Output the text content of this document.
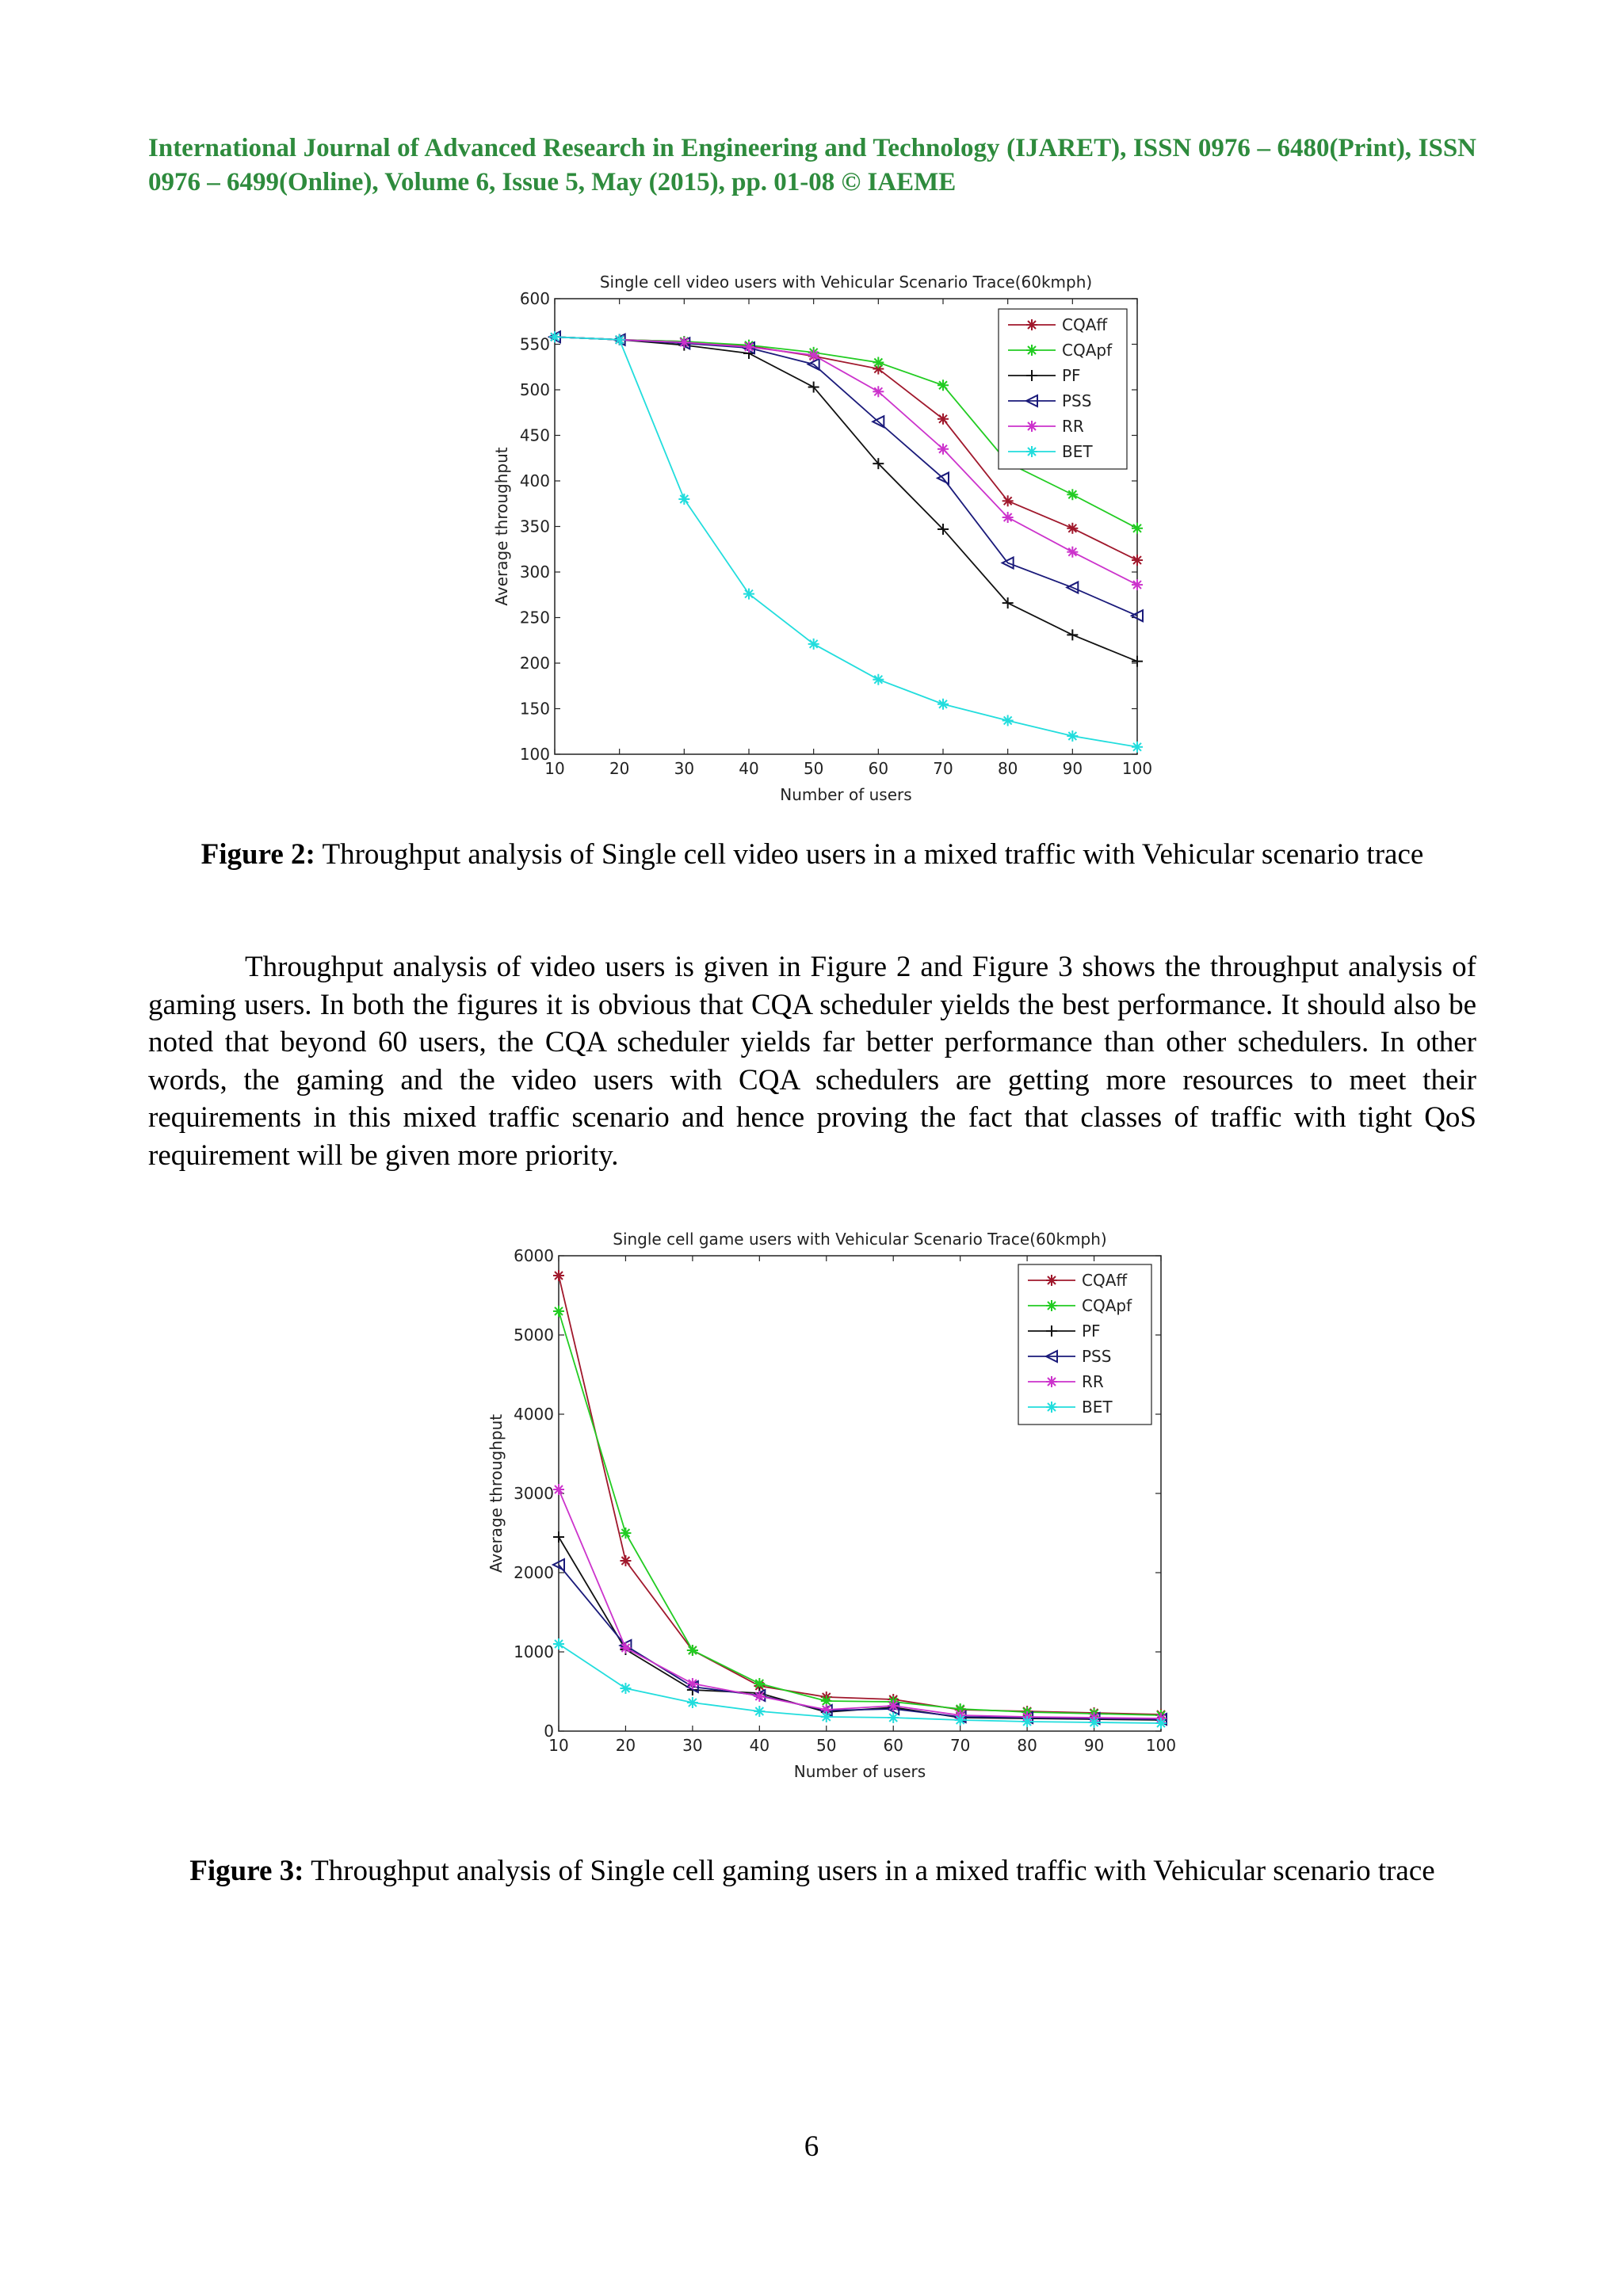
International Journal of Advanced Research in Engineering and Technology (IJARET), ISSN 0976 – 6480(Print), ISSN 0976 – 6499(Online), Volume 6, Issue 5, May (2015), pp. 01-08 © IAEME
Single cell video users with Vehicular Scenario Trace(60kmph)
Number of users
Average throughput
10	20	30	40	50	60	70	80	90 100
100
150
200
250
300
350
400
450
500
550
600
CQAff
CQApf
PF
PSS
RR
BET
Figure 2: Throughput analysis of Single cell video users in a mixed traffic with Vehicular scenario trace
Throughput analysis of video users is given in Figure 2 and Figure 3 shows the throughput analysis of gaming users. In both the figures it is obvious that CQA scheduler yields the best performance. It should also be noted that beyond 60 users, the CQA scheduler yields far better performance than other schedulers. In other words, the gaming and the video users with CQA schedulers are getting more resources to meet their requirements in this mixed traffic scenario and hence proving the fact that classes of traffic with tight QoS requirement will be given more priority.
Single cell game users with Vehicular Scenario Trace(60kmph)
Number of users
Average throughput
10	20	30	40	50	60	70	80	90	100
0
1000
2000
3000
4000
5000
6000
CQAff
CQApf
PF
PSS
RR
BET
Figure 3: Throughput analysis of Single cell gaming users in a mixed traffic with Vehicular scenario trace
6
